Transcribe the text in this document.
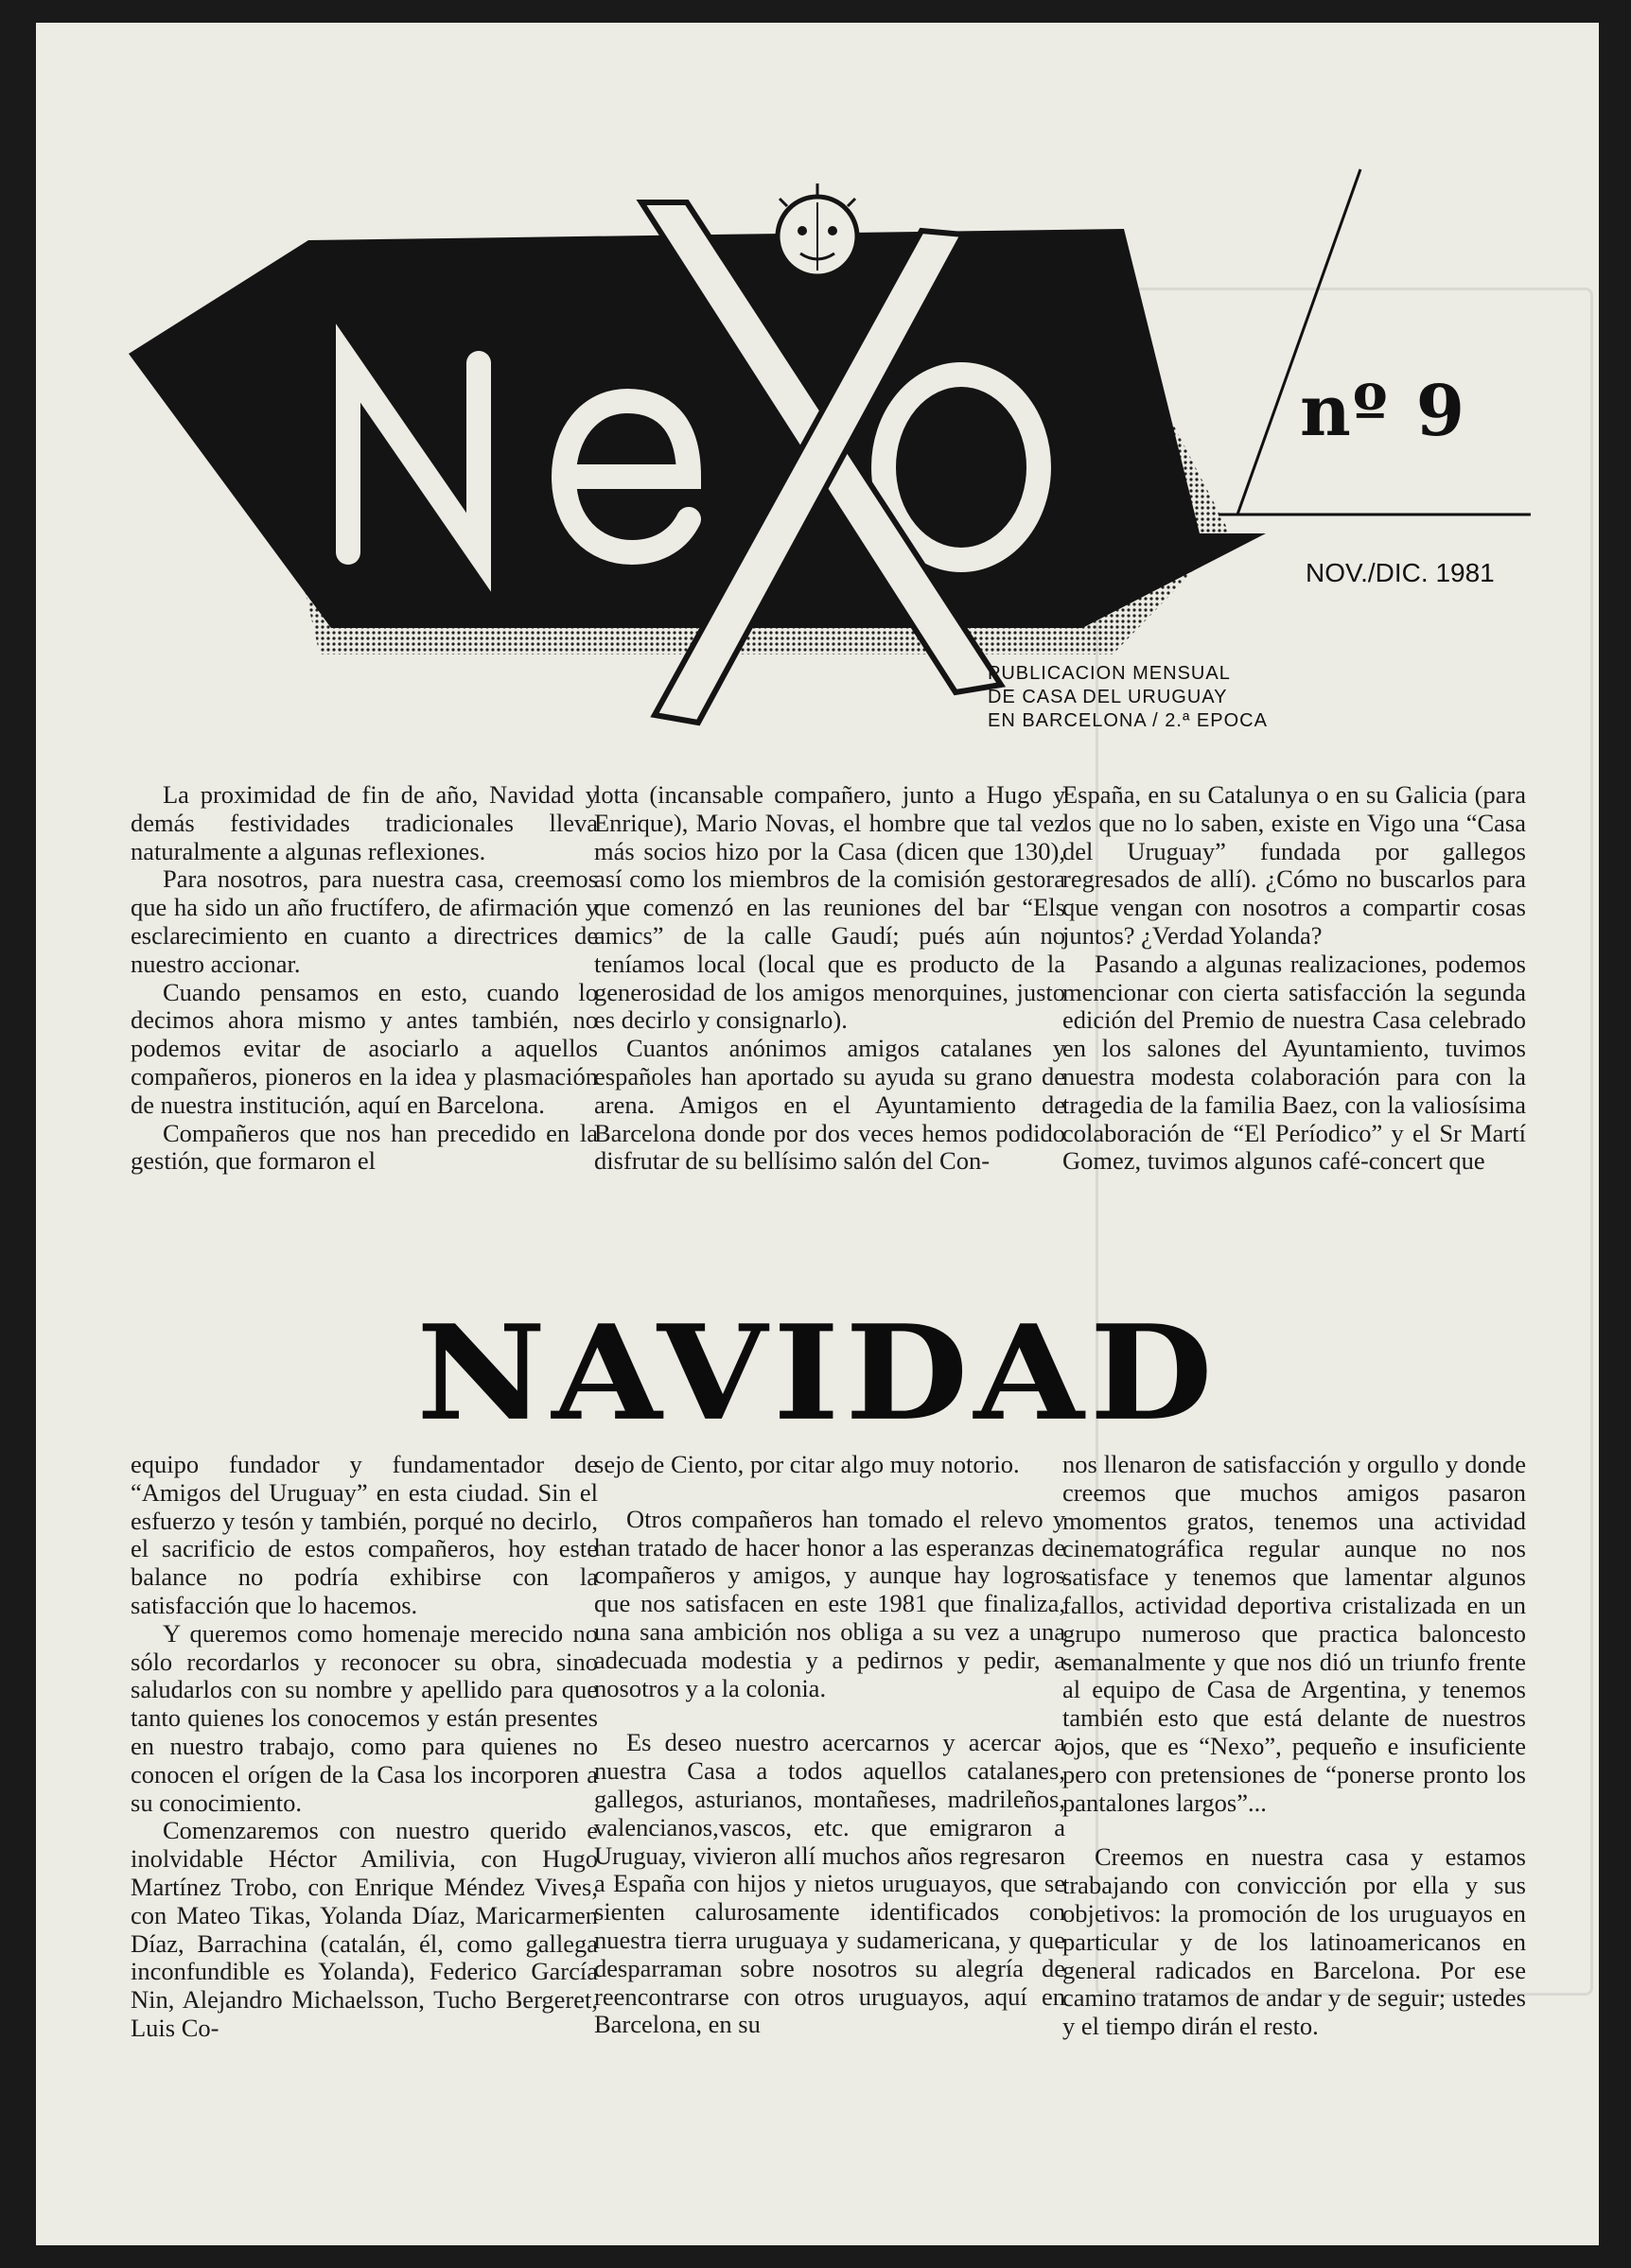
nº 9
NOV./DIC. 1981
PUBLICACION MENSUAL
DE CASA DEL URUGUAY
EN BARCELONA / 2.ª EPOCA

La proximidad de fin de año, Navidad y demás festividades tradicionales lleva naturalmente a algunas reflexiones.

Para nosotros, para nuestra casa, creemos que ha sido un año fructífero, de afirmación y esclarecimiento en cuanto a directrices de nuestro accionar.

Cuando pensamos en esto, cuando lo decimos ahora mismo y antes también, no podemos evitar de asociarlo a aquellos compañeros, pioneros en la idea y plasmación de nuestra institución, aquí en Barcelona.

Compañeros que nos han precedido en la gestión, que formaron el

lotta (incansable compañero, junto a Hugo y Enrique), Mario Novas, el hombre que tal vez más socios hizo por la Casa (dicen que 130), así como los miembros de la comisión gestora que comenzó en las reuniones del bar “Els amics” de la calle Gaudí; pués aún no teníamos local (local que es producto de la generosidad de los amigos menorquines, justo es decirlo y consignarlo).

Cuantos anónimos amigos catalanes y españoles han aportado su ayuda su grano de arena. Amigos en el Ayuntamiento de Barcelona donde por dos veces hemos podido disfrutar de su bellísimo salón del Con-

España, en su Catalunya o en su Galicia (para los que no lo saben, existe en Vigo una “Casa del Uruguay” fundada por gallegos regresados de allí). ¿Cómo no buscarlos para que vengan con nosotros a compartir cosas juntos? ¿Verdad Yolanda?

Pasando a algunas realizaciones, podemos mencionar con cierta satisfacción la segunda edición del Premio de nuestra Casa celebrado en los salones del Ayuntamiento, tuvimos nuestra modesta colaboración para con la tragedia de la familia Baez, con la valiosísima colaboración de “El Períodico” y el Sr Martí Gomez, tuvimos algunos café-concert que

NAVIDAD

equipo fundador y fundamentador de “Amigos del Uruguay” en esta ciudad. Sin el esfuerzo y tesón y también, porqué no decirlo, el sacrificio de estos compañeros, hoy este balance no podría exhibirse con la satisfacción que lo hacemos.

Y queremos como homenaje merecido no sólo recordarlos y reconocer su obra, sino saludarlos con su nombre y apellido para que tanto quienes los conocemos y están presentes en nuestro trabajo, como para quienes no conocen el orígen de la Casa los incorporen a su conocimiento.

Comenzaremos con nuestro querido e inolvidable Héctor Amilivia, con Hugo Martínez Trobo, con Enrique Méndez Vives, con Mateo Tikas, Yolanda Díaz, Maricarmen Díaz, Barrachina (catalán, él, como gallega inconfundible es Yolanda), Federico García Nin, Alejandro Michaelsson, Tucho Bergeret, Luis Co-

sejo de Ciento, por citar algo muy notorio.

Otros compañeros han tomado el relevo y han tratado de hacer honor a las esperanzas de compañeros y amigos, y aunque hay logros que nos satisfacen en este 1981 que finaliza, una sana ambición nos obliga a su vez a una adecuada modestia y a pedirnos y pedir, a nosotros y a la colonia.

Es deseo nuestro acercarnos y acercar a nuestra Casa a todos aquellos catalanes, gallegos, asturianos, montañeses, madrileños, valencianos,vascos, etc. que emigraron a Uruguay, vivieron allí muchos años regresaron a España con hijos y nietos uruguayos, que se sienten calurosamente identificados con nuestra tierra uruguaya y sudamericana, y que desparraman sobre nosotros su alegría de reencontrarse con otros uruguayos, aquí en Barcelona, en su

nos llenaron de satisfacción y orgullo y donde creemos que muchos amigos pasaron momentos gratos, tenemos una actividad cinematográfica regular aunque no nos satisface y tenemos que lamentar algunos fallos, actividad deportiva cristalizada en un grupo numeroso que practica baloncesto semanalmente y que nos dió un triunfo frente al equipo de Casa de Argentina, y tenemos también esto que está delante de nuestros ojos, que es “Nexo”, pequeño e insuficiente pero con pretensiones de “ponerse pronto los pantalones largos”...

Creemos en nuestra casa y estamos trabajando con convicción por ella y sus objetivos: la promoción de los uruguayos en particular y de los latinoamericanos en general radicados en Barcelona. Por ese camino tratamos de andar y de seguir; ustedes y el tiempo dirán el resto.
